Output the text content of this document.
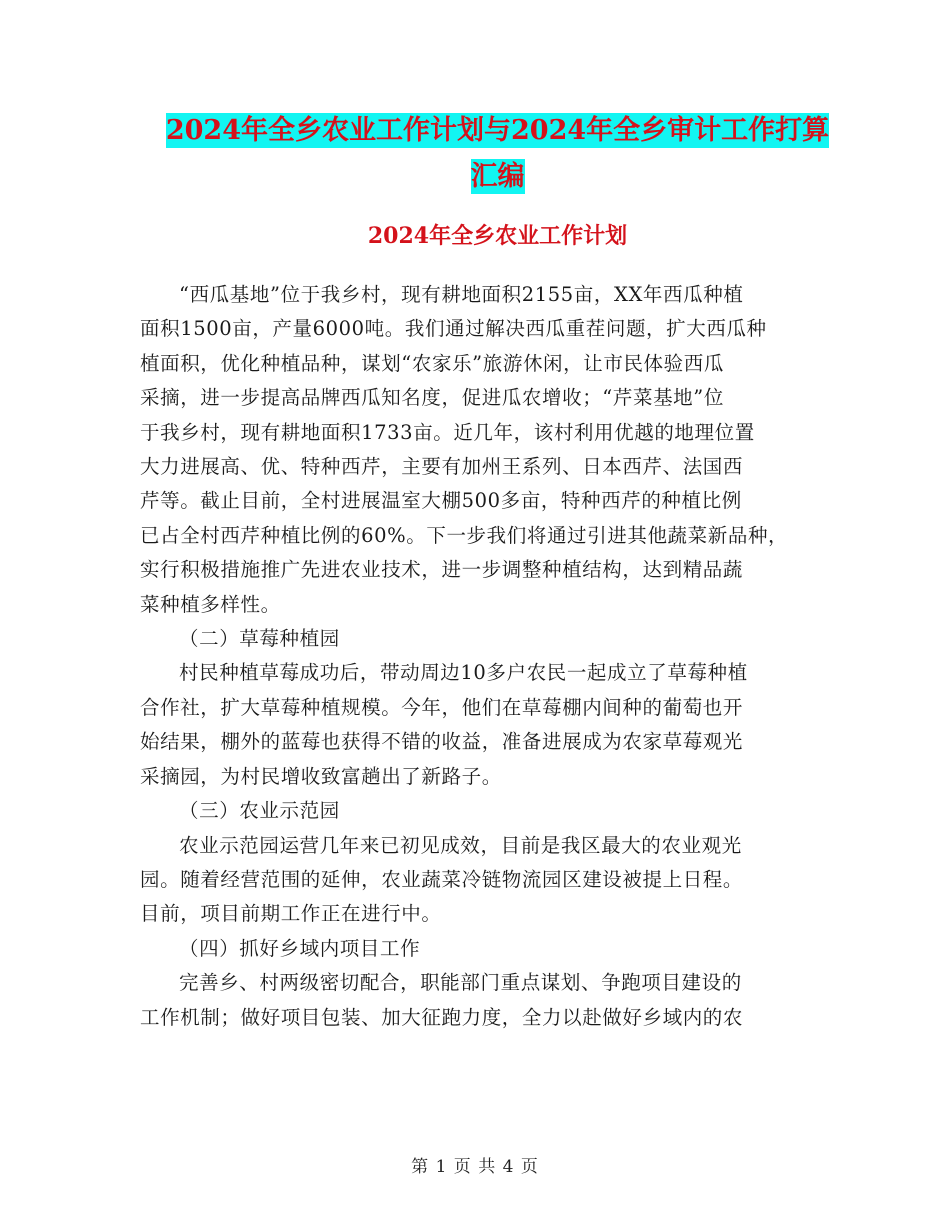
2024年全乡农业工作计划与2024年全乡审计工作打算
汇编
2024年全乡农业工作计划

“西瓜基地”位于我乡村，现有耕地面积2155亩，XX年西瓜种植
面积1500亩，产量6000吨。我们通过解决西瓜重茬问题，扩大西瓜种
植面积，优化种植品种，谋划“农家乐”旅游休闲，让市民体验西瓜
采摘，进一步提高品牌西瓜知名度，促进瓜农增收；“芹菜基地”位
于我乡村，现有耕地面积1733亩。近几年，该村利用优越的地理位置
大力进展高、优、特种西芹，主要有加州王系列、日本西芹、法国西
芹等。截止目前，全村进展温室大棚500多亩，特种西芹的种植比例
已占全村西芹种植比例的60%。下一步我们将通过引进其他蔬菜新品种，
实行积极措施推广先进农业技术，进一步调整种植结构，达到精品蔬
菜种植多样性。

（二）草莓种植园

村民种植草莓成功后，带动周边10多户农民一起成立了草莓种植
合作社，扩大草莓种植规模。今年，他们在草莓棚内间种的葡萄也开
始结果，棚外的蓝莓也获得不错的收益，准备进展成为农家草莓观光
采摘园，为村民增收致富趟出了新路子。

（三）农业示范园

农业示范园运营几年来已初见成效，目前是我区最大的农业观光
园。随着经营范围的延伸，农业蔬菜冷链物流园区建设被提上日程。
目前，项目前期工作正在进行中。

（四）抓好乡域内项目工作

完善乡、村两级密切配合，职能部门重点谋划、争跑项目建设的
工作机制；做好项目包装、加大征跑力度，全力以赴做好乡域内的农

第 1 页 共 4 页
